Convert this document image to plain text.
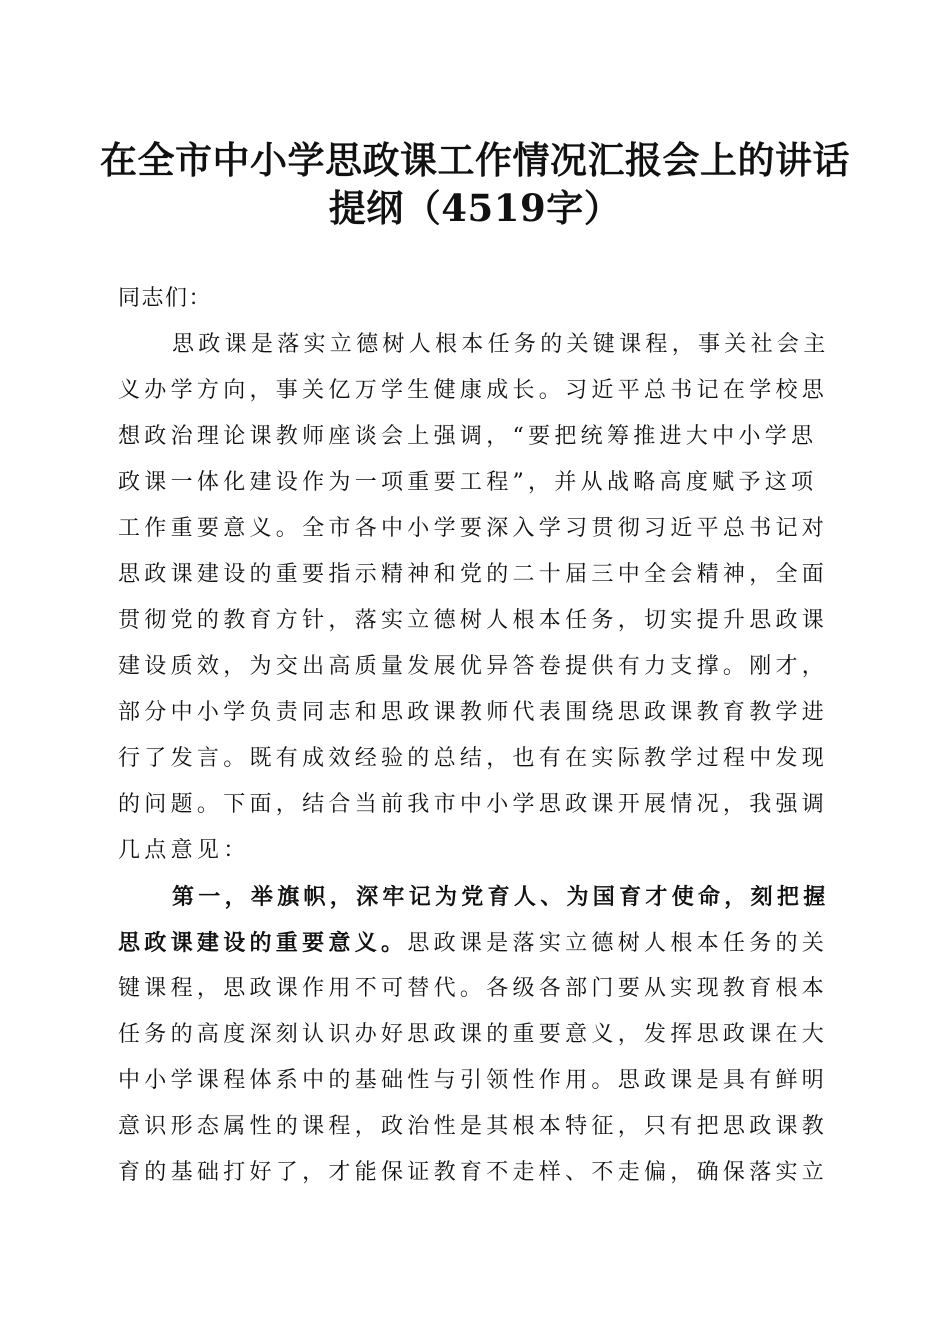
在全市中小学思政课工作情况汇报会上的讲话
提纲（4519字）
同志们：
思政课是落实立德树人根本任务的关键课程，事关社会主
义办学方向，事关亿万学生健康成长。习近平总书记在学校思
想政治理论课教师座谈会上强调，“要把统筹推进大中小学思
政课一体化建设作为一项重要工程”，并从战略高度赋予这项
工作重要意义。全市各中小学要深入学习贯彻习近平总书记对
思政课建设的重要指示精神和党的二十届三中全会精神，全面
贯彻党的教育方针，落实立德树人根本任务，切实提升思政课
建设质效，为交出高质量发展优异答卷提供有力支撑。刚才，
部分中小学负责同志和思政课教师代表围绕思政课教育教学进
行了发言。既有成效经验的总结，也有在实际教学过程中发现
的问题。下面，结合当前我市中小学思政课开展情况，我强调
几点意见：
第一，举旗帜，深牢记为党育人、为国育才使命，刻把握
思政课建设的重要意义。思政课是落实立德树人根本任务的关
键课程，思政课作用不可替代。各级各部门要从实现教育根本
任务的高度深刻认识办好思政课的重要意义，发挥思政课在大
中小学课程体系中的基础性与引领性作用。思政课是具有鲜明
意识形态属性的课程，政治性是其根本特征，只有把思政课教
育的基础打好了，才能保证教育不走样、不走偏，确保落实立
